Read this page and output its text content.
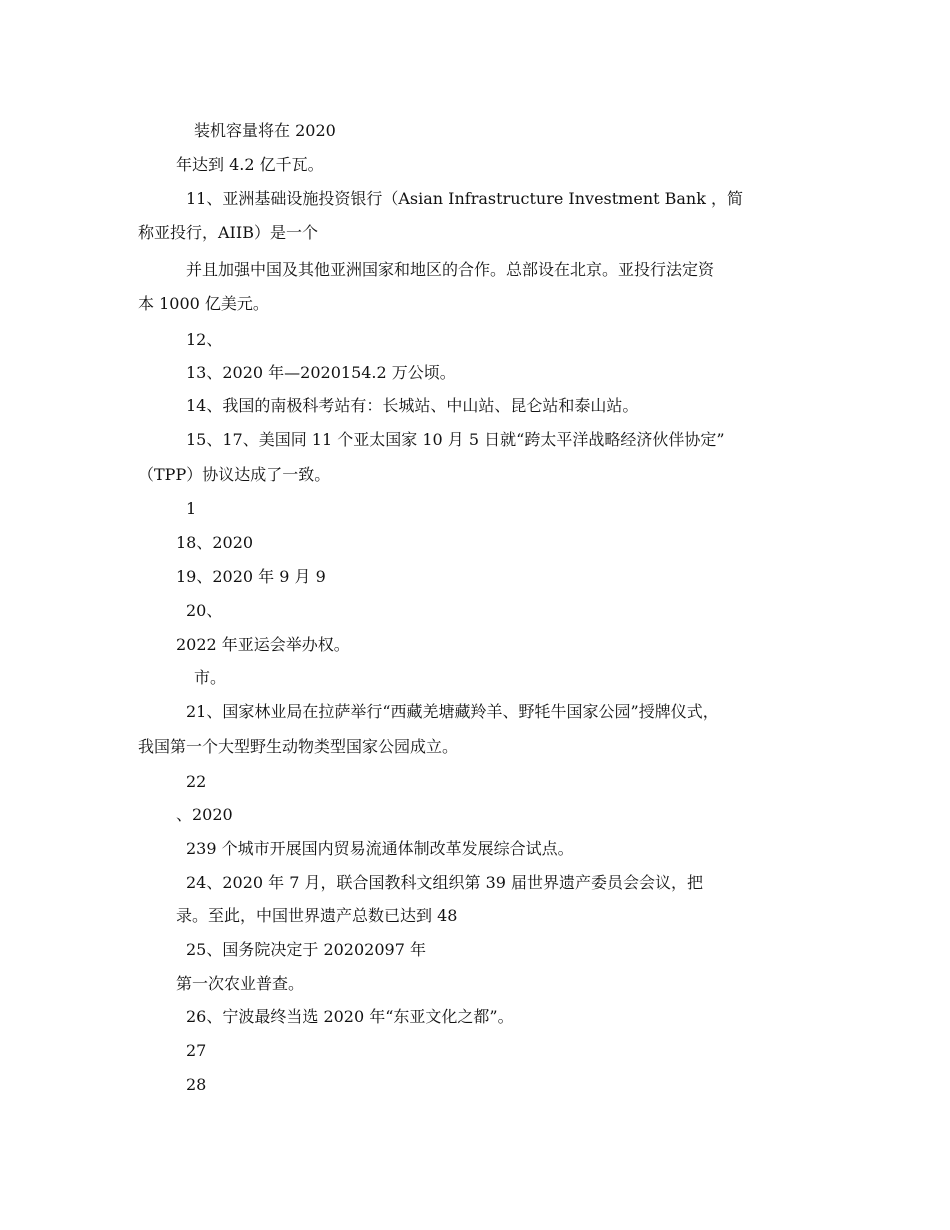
装机容量将在 2020
年达到 4.2 亿千瓦。
11、亚洲基础设施投资银行（Asian Infrastructure Investment Bank ，简
称亚投行，AIIB）是一个
并且加强中国及其他亚洲国家和地区的合作。总部设在北京。亚投行法定资
本 1000 亿美元。
12、
13、2020 年—2020154.2 万公顷。
14、我国的南极科考站有：长城站、中山站、昆仑站和泰山站。
15、17、美国同 11 个亚太国家 10 月 5 日就“跨太平洋战略经济伙伴协定”
（TPP）协议达成了一致。
1
18、2020
19、2020 年 9 月 9
20、
2022 年亚运会举办权。
市。
21、国家林业局在拉萨举行“西藏羌塘藏羚羊、野牦牛国家公园”授牌仪式，
我国第一个大型野生动物类型国家公园成立。
22
、2020
239 个城市开展国内贸易流通体制改革发展综合试点。
24、2020 年 7 月，联合国教科文组织第 39 届世界遗产委员会会议，把
录。至此，中国世界遗产总数已达到 48
25、国务院决定于 20202097 年
第一次农业普查。
26、宁波最终当选 2020 年“东亚文化之都”。
27
28
